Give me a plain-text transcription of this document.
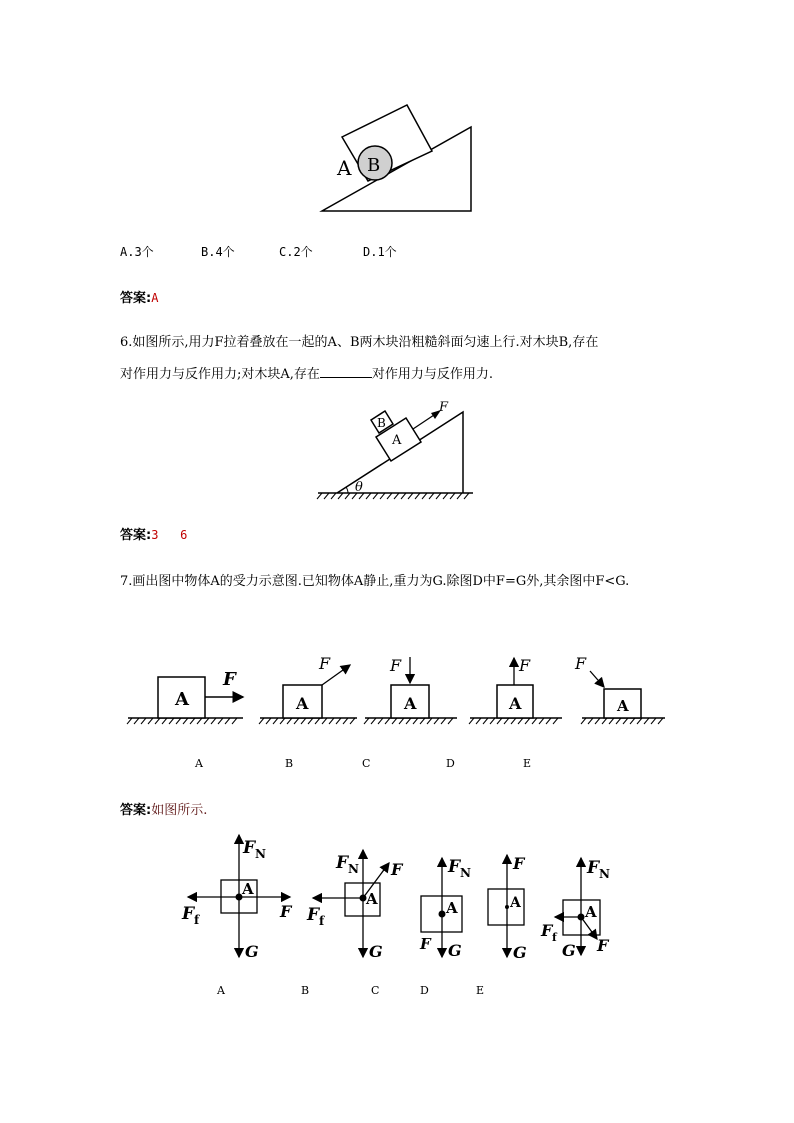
A B
A.3个	B.4个	C.2个	D.1个
答案:A
6.如图所示,用力F拉着叠放在一起的A、B两木块沿粗糙斜面匀速上行.对木块B,存在
对作用力与反作用力;对木块A,存在	对作用力与反作用力.
θ
A
B
F
答案:3   6
7.画出图中物体A的受力示意图.已知物体A静止,重力为G.除图D中F=G外,其余图中F<G.
A
F
A
F
A
F
A
F
A
F
A	B	C	D	E
答案:如图所示.
A
F N
F
F f
G
A
F N F
F f
G
A
F N
F G
A
F
G
A
F N
F f	F
G
A	B	C	D	E
